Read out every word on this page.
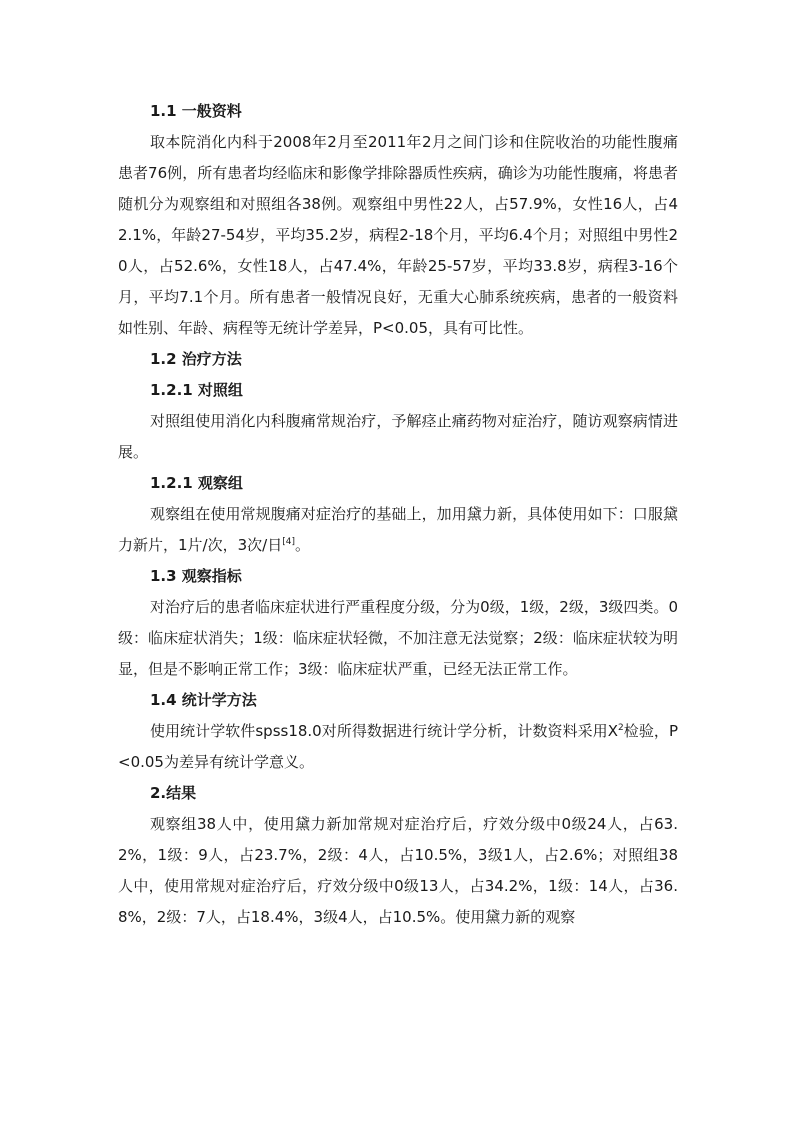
1.1 一般资料

取本院消化内科于2008年2月至2011年2月之间门诊和住院收治的功能性腹痛患者76例，所有患者均经临床和影像学排除器质性疾病，确诊为功能性腹痛，将患者随机分为观察组和对照组各38例。观察组中男性22人，占57.9%，女性16人，占42.1%，年龄27-54岁，平均35.2岁，病程2-18个月，平均6.4个月；对照组中男性20人，占52.6%，女性18人，占47.4%，年龄25-57岁，平均33.8岁，病程3-16个月，平均7.1个月。所有患者一般情况良好，无重大心肺系统疾病，患者的一般资料如性别、年龄、病程等无统计学差异，P<0.05，具有可比性。

1.2 治疗方法
1.2.1 对照组

对照组使用消化内科腹痛常规治疗，予解痉止痛药物对症治疗，随访观察病情进展。

1.2.1 观察组

观察组在使用常规腹痛对症治疗的基础上，加用黛力新，具体使用如下：口服黛力新片，1片/次，3次/日[4]。

1.3 观察指标

对治疗后的患者临床症状进行严重程度分级，分为0级，1级，2级，3级四类。0级：临床症状消失；1级：临床症状轻微，不加注意无法觉察；2级：临床症状较为明显，但是不影响正常工作；3级：临床症状严重，已经无法正常工作。

1.4 统计学方法

使用统计学软件spss18.0对所得数据进行统计学分析，计数资料采用$X^2$检验，P<0.05为差异有统计学意义。

2.结果

观察组38人中，使用黛力新加常规对症治疗后，疗效分级中0级24人，占63.2%，1级：9人，占23.7%，2级：4人，占10.5%，3级1人，占2.6%；对照组38人中，使用常规对症治疗后，疗效分级中0级13人，占34.2%，1级：14人，占36.8%，2级：7人，占18.4%，3级4人，占10.5%。使用黛力新的观察
